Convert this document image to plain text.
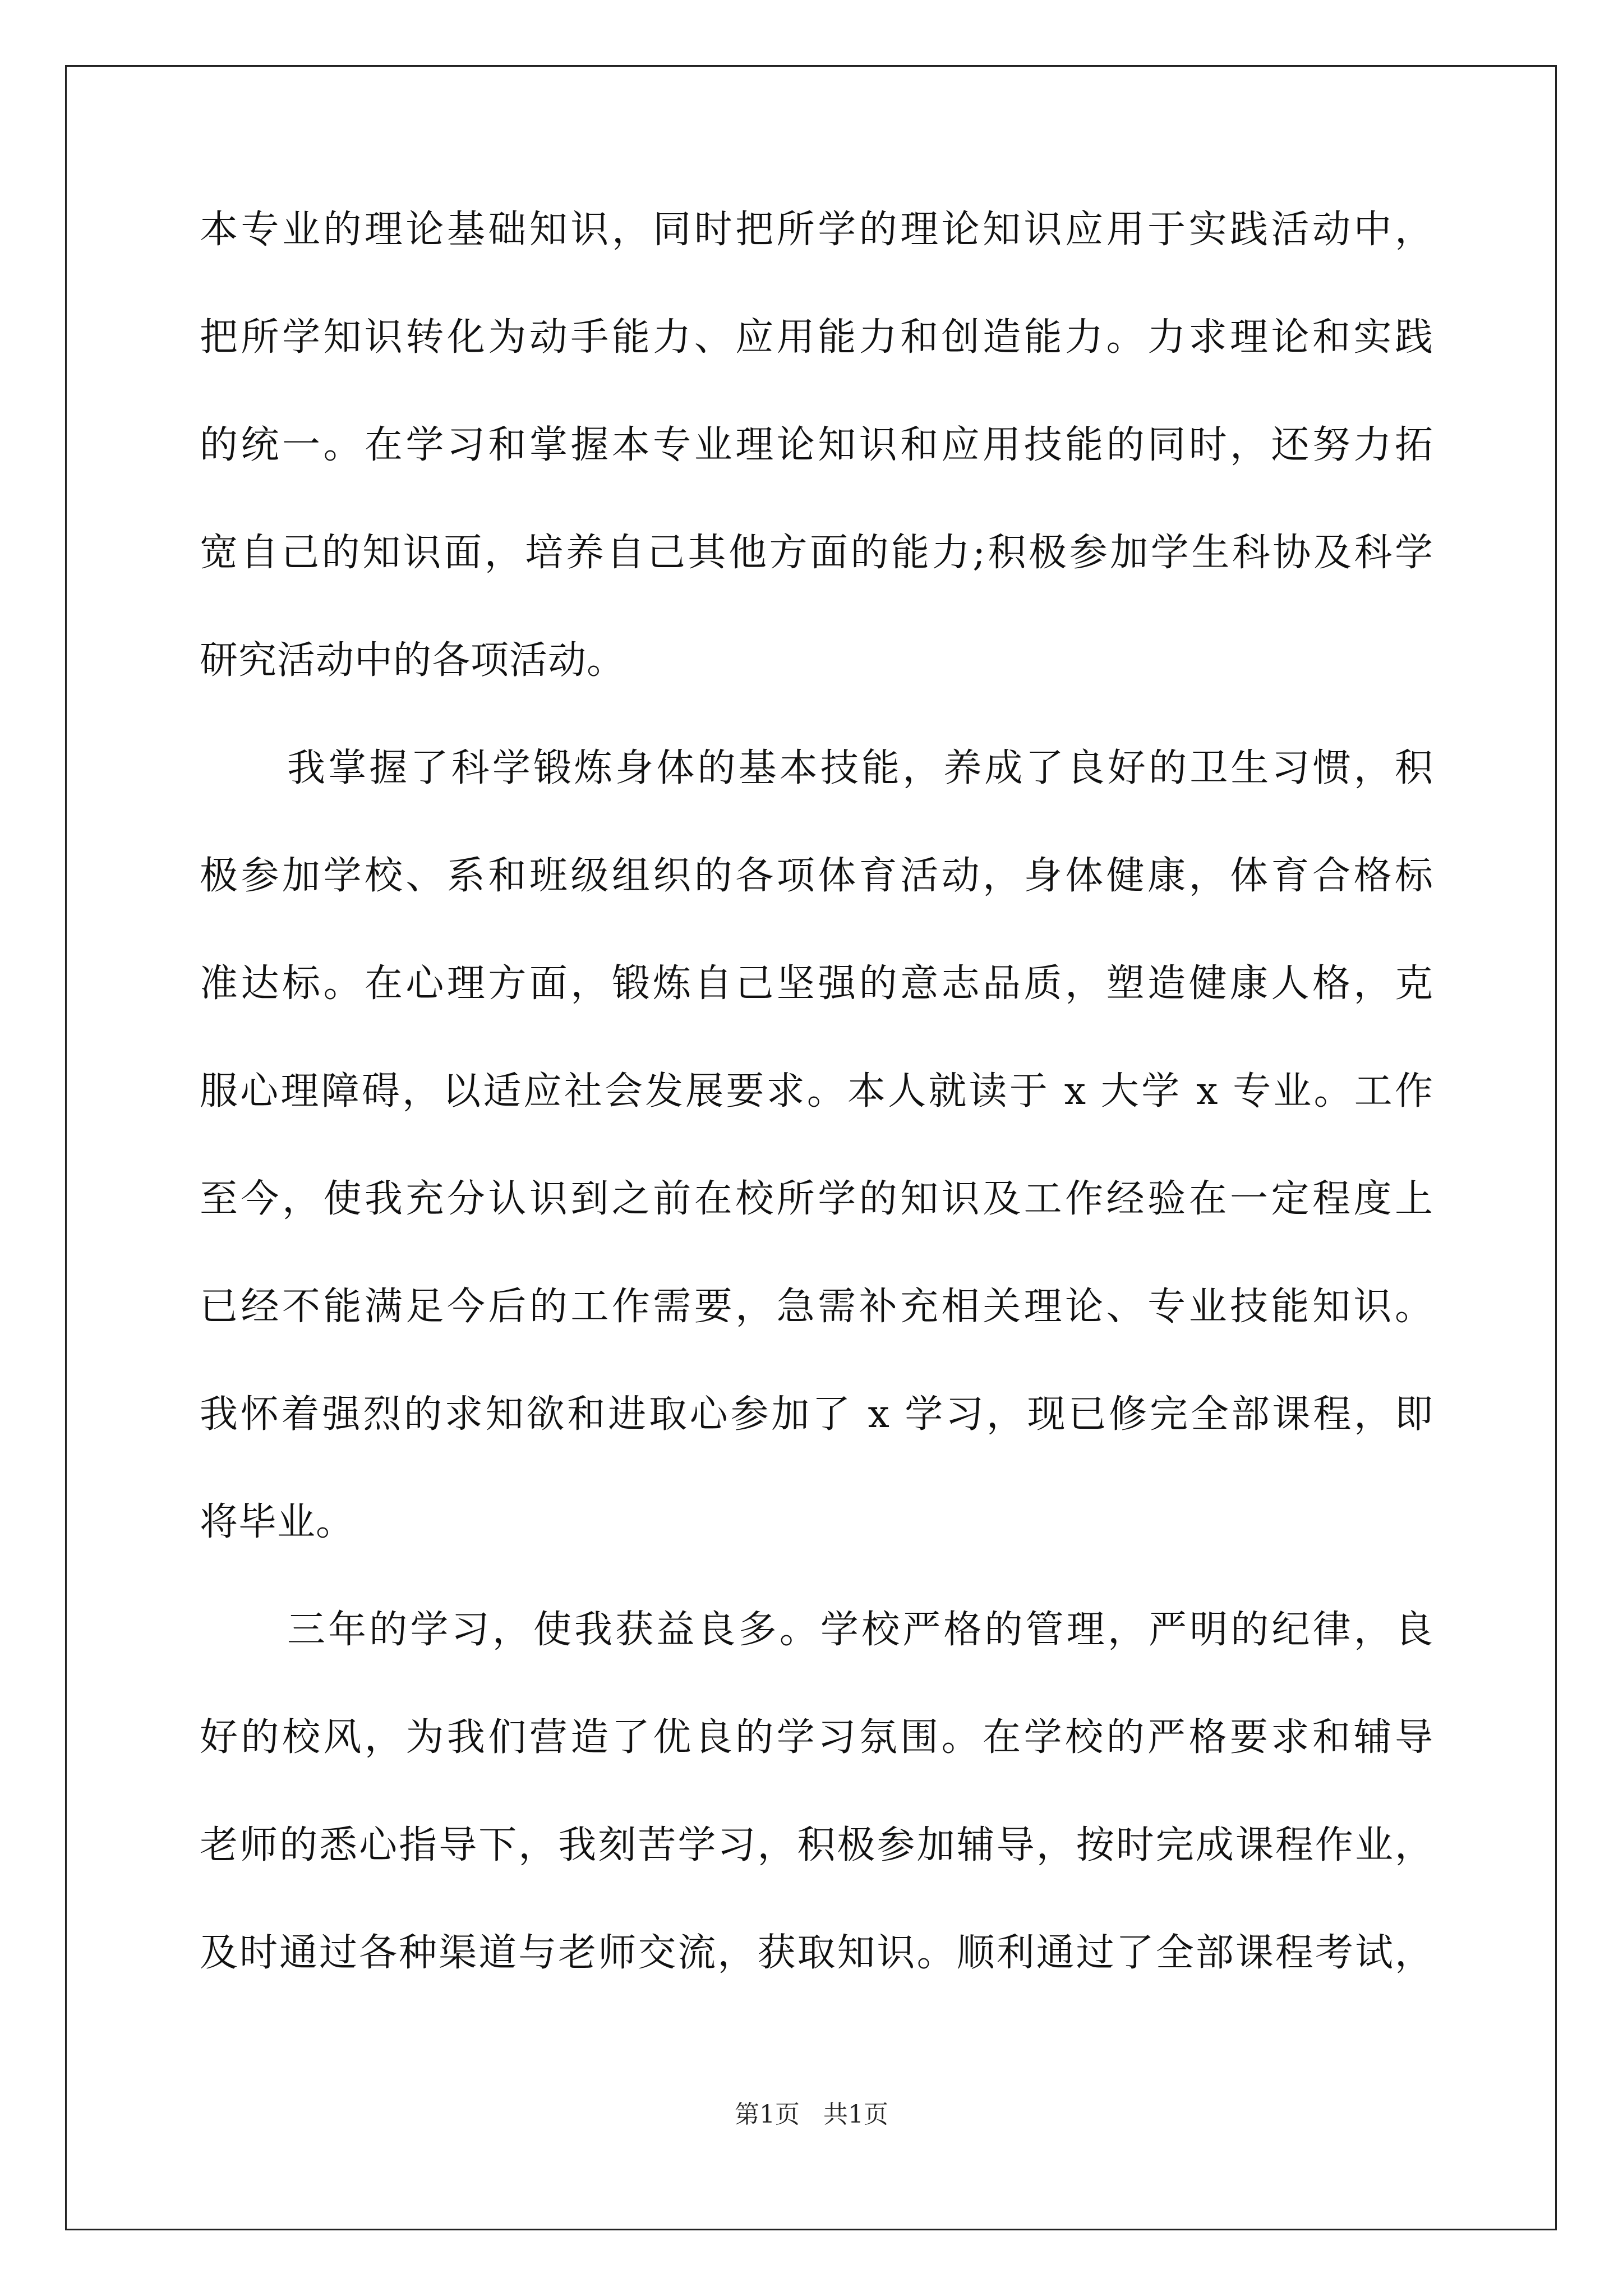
本专业的理论基础知识，同时把所学的理论知识应用于实践活动中，
把所学知识转化为动手能力、应用能力和创造能力。力求理论和实践
的统一。在学习和掌握本专业理论知识和应用技能的同时，还努力拓
宽自己的知识面，培养自己其他方面的能力;积极参加学生科协及科学
研究活动中的各项活动。
我掌握了科学锻炼身体的基本技能，养成了良好的卫生习惯，积
极参加学校、系和班级组织的各项体育活动，身体健康，体育合格标
准达标。在心理方面，锻炼自己坚强的意志品质，塑造健康人格，克
服心理障碍，以适应社会发展要求。本人就读于 x 大学 x 专业。工作
至今，使我充分认识到之前在校所学的知识及工作经验在一定程度上
已经不能满足今后的工作需要，急需补充相关理论、专业技能知识。
我怀着强烈的求知欲和进取心参加了 x 学习，现已修完全部课程，即
将毕业。
三年的学习，使我获益良多。学校严格的管理，严明的纪律，良
好的校风，为我们营造了优良的学习氛围。在学校的严格要求和辅导
老师的悉心指导下，我刻苦学习，积极参加辅导，按时完成课程作业，
及时通过各种渠道与老师交流，获取知识。顺利通过了全部课程考试，
第1页   共1页
